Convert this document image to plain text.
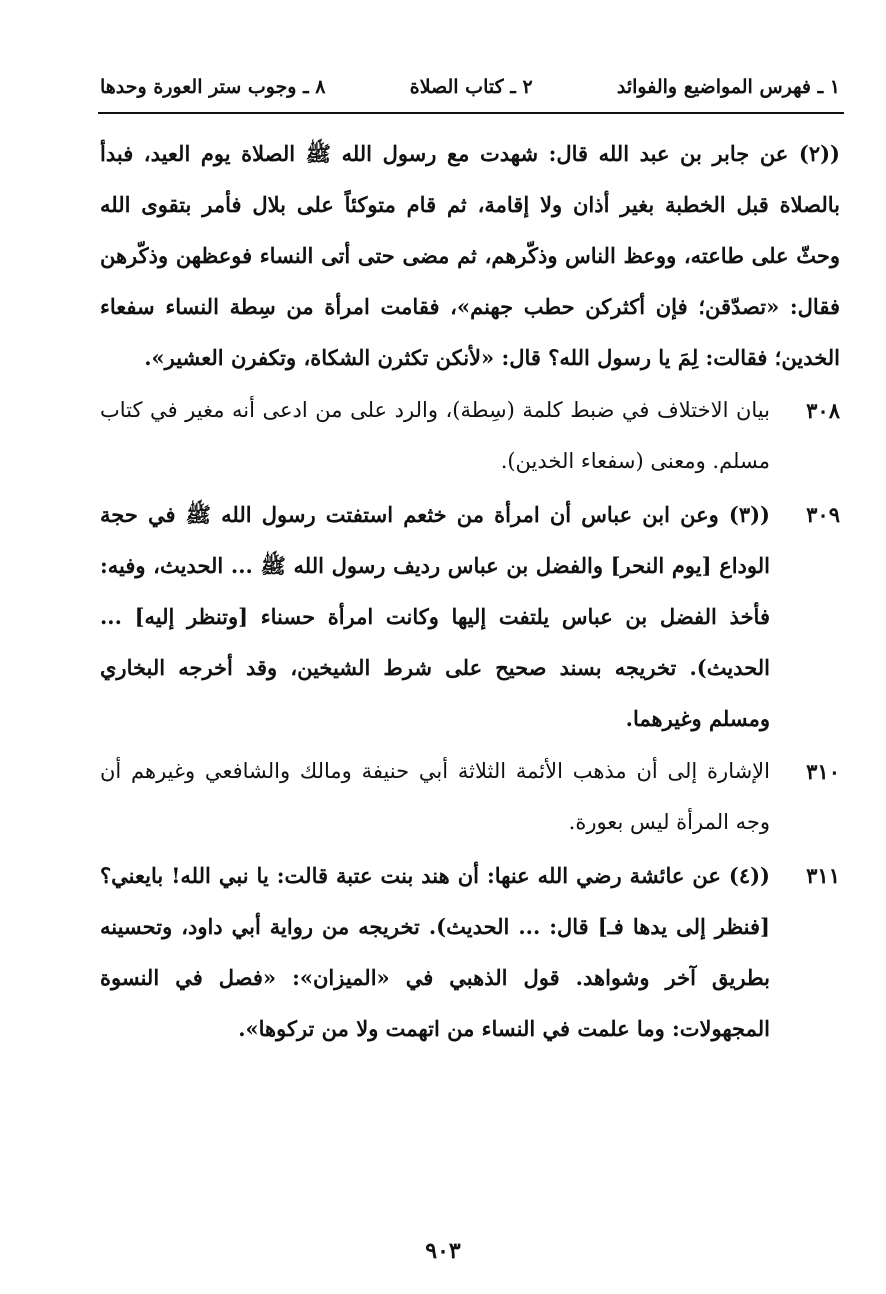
١ ـ فهرس المواضيع والفوائد
٢ ـ كتاب الصلاة
٨ ـ وجوب ستر العورة وحدها
((٢) عن جابر بن عبد الله قال: شهدت مع رسول الله ﷺ الصلاة يوم العيد، فبدأ بالصلاة قبل الخطبة بغير أذان ولا إقامة، ثم قام متوكئاً على بلال فأمر بتقوى الله وحثّ على طاعته، ووعظ الناس وذكّرهم، ثم مضى حتى أتى النساء فوعظهن وذكّرهن فقال: «تصدّقن؛ فإن أكثركن حطب جهنم»، فقامت امرأة من سِطة النساء سفعاء الخدين؛ فقالت: لِمَ يا رسول الله؟ قال: «لأنكن تكثرن الشكاة، وتكفرن العشير».
٣٠٨
بيان الاختلاف في ضبط كلمة (سِطة)، والرد على من ادعى أنه مغير في كتاب مسلم. ومعنى (سفعاء الخدين).
٣٠٩
((٣) وعن ابن عباس أن امرأة من خثعم استفتت رسول الله ﷺ في حجة الوداع [يوم النحر] والفضل بن عباس رديف رسول الله ﷺ ... الحديث، وفيه: فأخذ الفضل بن عباس يلتفت إليها وكانت امرأة حسناء [وتنظر إليه] ... الحديث). تخريجه بسند صحيح على شرط الشيخين، وقد أخرجه البخاري ومسلم وغيرهما.
٣١٠
الإشارة إلى أن مذهب الأئمة الثلاثة أبي حنيفة ومالك والشافعي وغيرهم أن وجه المرأة ليس بعورة.
٣١١
((٤) عن عائشة رضي الله عنها: أن هند بنت عتبة قالت: يا نبي الله! بايعني؟ [فنظر إلى يدها فـ] قال: ... الحديث). تخريجه من رواية أبي داود، وتحسينه بطريق آخر وشواهد. قول الذهبي في «الميزان»: «فصل في النسوة المجهولات: وما علمت في النساء من اتهمت ولا من تركوها».
٩٠٣
